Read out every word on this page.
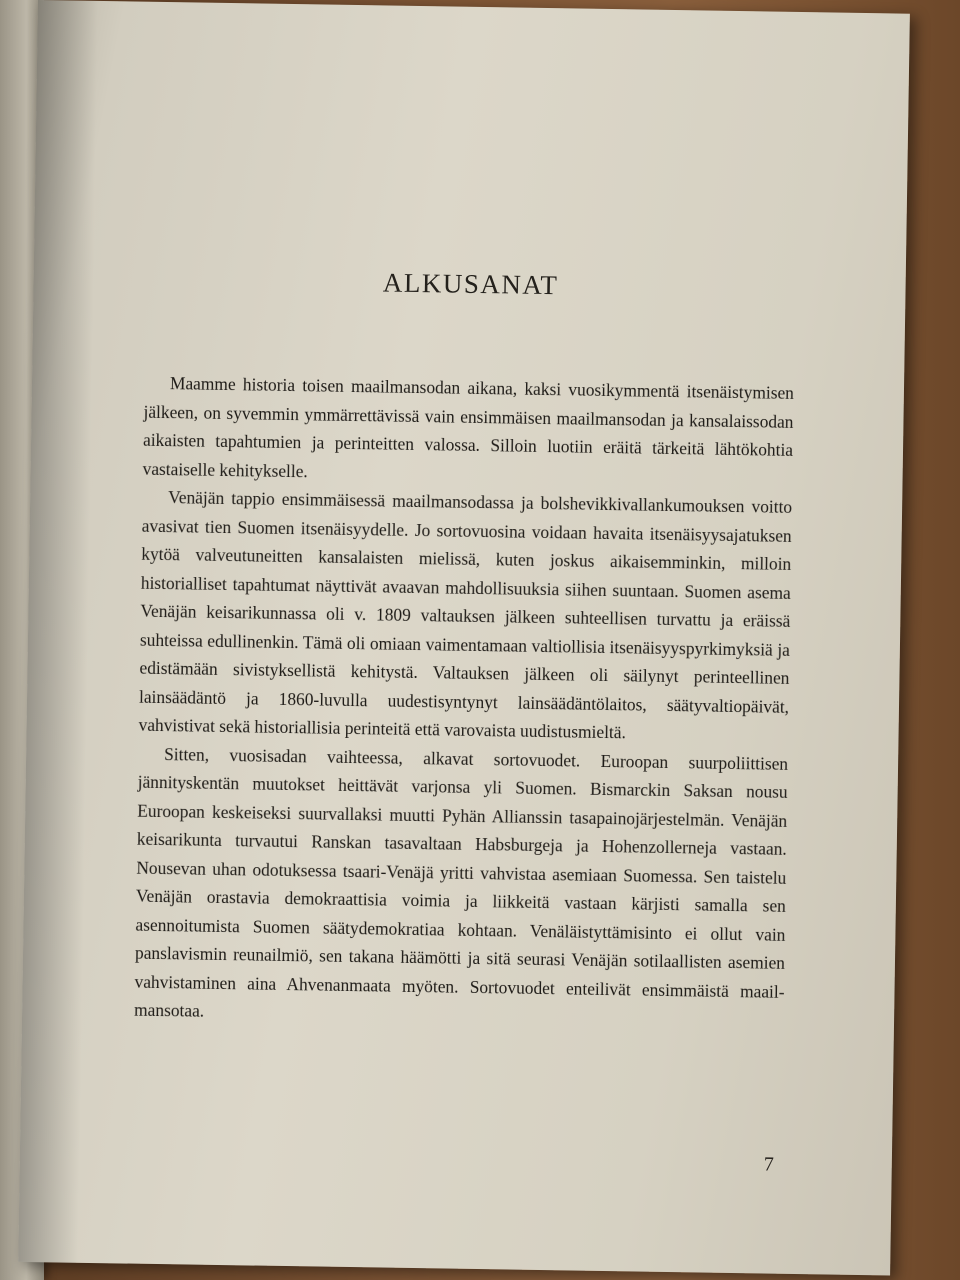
ALKUSANAT

Maamme historia toisen maailmansodan aikana, kaksi vuosikymmentä itsenäistymisen jälkeen, on syvemmin ymmärrettävissä vain ensimmäisen maailmansodan ja kansalaissodan aikaisten tapahtumien ja perinteitten valossa. Silloin luotiin eräitä tärkeitä lähtökohtia vastaiselle kehitykselle.

Venäjän tappio ensimmäisessä maailmansodassa ja bolshevikkivallankumouksen voitto avasivat tien Suomen itsenäisyydelle. Jo sortovuosina voidaan havaita itsenäisyysajatuksen kytöä valveutuneitten kansalaisten mielissä, kuten joskus aikaisemminkin, milloin historialliset tapahtumat näyttivät avaavan mahdollisuuksia siihen suuntaan. Suomen asema Venäjän keisarikunnassa oli v. 1809 valtauksen jälkeen suhteellisen turvattu ja eräissä suhteissa edullinenkin. Tämä oli omiaan vaimentamaan valtiollisia itsenäisyyspyrkimyksiä ja edistämään sivistyksellistä kehitystä. Valtauksen jälkeen oli säilynyt perinteellinen lainsäädäntö ja 1860-luvulla uudestisyntynyt lainsäädäntölaitos, säätyvaltiopäivät, vahvistivat sekä historiallisia perinteitä että varovaista uudistusmieltä.

Sitten, vuosisadan vaihteessa, alkavat sortovuodet. Euroopan suurpoliittisen jännityskentän muutokset heittävät varjonsa yli Suomen. Bismarckin Saksan nousu Euroopan keskeiseksi suurvallaksi muutti Pyhän Allianssin tasapainojärjestelmän. Venäjän keisarikunta turvautui Ranskan tasavaltaan Habsburgeja ja Hohenzollerneja vastaan. Nousevan uhan odotuksessa tsaari-Venäjä yritti vahvistaa asemiaan Suomessa. Sen taistelu Venäjän orastavia demokraattisia voimia ja liikkeitä vastaan kärjisti samalla sen asennoitumista Suomen säätydemokratiaa kohtaan. Venäläistyttämisinto ei ollut vain panslavismin reunailmiö, sen takana häämötti ja sitä seurasi Venäjän sotilaallisten asemien vahvistaminen aina Ahvenanmaata myöten. Sortovuodet enteilivät ensimmäistä maailmansotaa.

7
